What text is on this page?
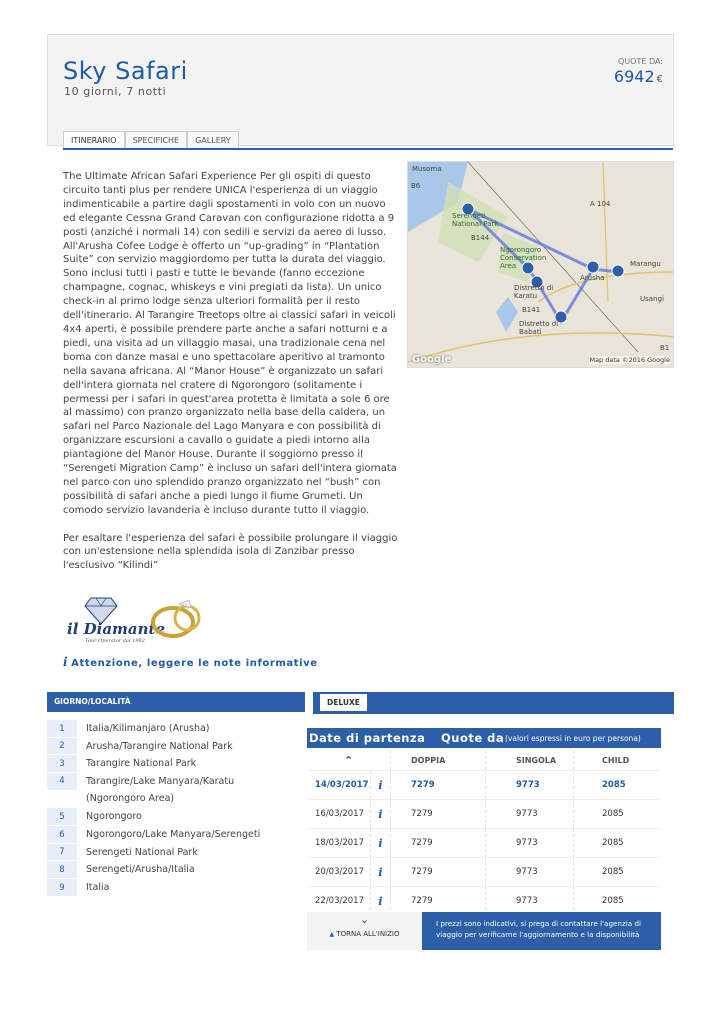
Sky Safari
10 giorni, 7 notti
QUOTE DA:
6942 €
ITINERARIO	SPECIFICHE	GALLERY

The Ultimate African Safari Experience Per gli ospiti di questo circuito tanti plus per rendere UNICA l'esperienza di un viaggio indimenticabile a partire dagli spostamenti in volo con un nuovo ed elegante Cessna Grand Caravan con configurazione ridotta a 9 posti (anziché i normali 14) con sedili e servizi da aereo di lusso. All'Arusha Cofee Lodge è offerto un “up-grading” in “Plantation Suite” con servizio maggiordomo per tutta la durata del viaggio. Sono inclusi tutti i pasti e tutte le bevande (fanno eccezione champagne, cognac, whiskeys e vini pregiati da lista). Un unico check-in al primo lodge senza ulteriori formalità per il resto dell'itinerario. Al Tarangire Treetops oltre ai classici safari in veicoli 4x4 aperti, è possibile prendere parte anche a safari notturni e a piedi, una visita ad un villaggio masai, una tradizionale cena nel boma con danze masai e uno spettacolare aperitivo al tramonto nella savana africana. Al “Manor House” è organizzato un safari dell'intera giornata nel cratere di Ngorongoro (solitamente i permessi per i safari in quest'area protetta è limitata a sole 6 ore al massimo) con pranzo organizzato nella base della caldera, un safari nel Parco Nazionale del Lago Manyara e con possibilità di organizzare escursioni a cavallo o guidate a piedi intorno alla piantagione del Manor House. Durante il soggiorno presso il “Serengeti Migration Camp” è incluso un safari dell'intera giornata nel parco con uno splendido pranzo organizzato nel “bush” con possibilità di safari anche a piedi lungo il fiume Grumeti. Un comodo servizio lavanderia è incluso durante tutto il viaggio.

Per esaltare l'esperienza del safari è possibile prolungare il viaggio con un'estensione nella splendida isola di Zanzibar presso l'esclusivo “Kilindi”

Musoma
B6
A 104
Serengeti National Park
B144
Ngorongoro Conservation Area
Distretto di Karatu
Arusha
Marangu
Usangi
B141
Distretto di Babati
B1
Google	Map data ©2016 Google
il Diamante
Tour Operator dal 1982
i Attenzione, leggere le note informative
GIORNO/LOCALITÀ
1	Italia/Kilimanjaro (Arusha)
2	Arusha/Tarangire National Park
3	Tarangire National Park
4	Tarangire/Lake Manyara/Karatu
(Ngorongoro Area)
5	Ngorongoro
6	Ngorongoro/Lake Manyara/Serengeti
7	Serengeti National Park
8	Serengeti/Arusha/Italia
9	Italia
DELUXE
Date di partenza Quote da (valori espressi in euro per persona)
⌃	DOPPIA	SINGOLA	CHILD
14/03/2017 i	7279	9773	2085
16/03/2017	i	7279	9773	2085
18/03/2017	i	7279	9773	2085
20/03/2017	i	7279	9773	2085
22/03/2017	i	7279	9773	2085
⌄
▲ TORNA ALL'INIZIO
I prezzi sono indicativi, si prega di contattare l'agenzia di viaggio per verificarne l'aggiornamento e la disponibilità
